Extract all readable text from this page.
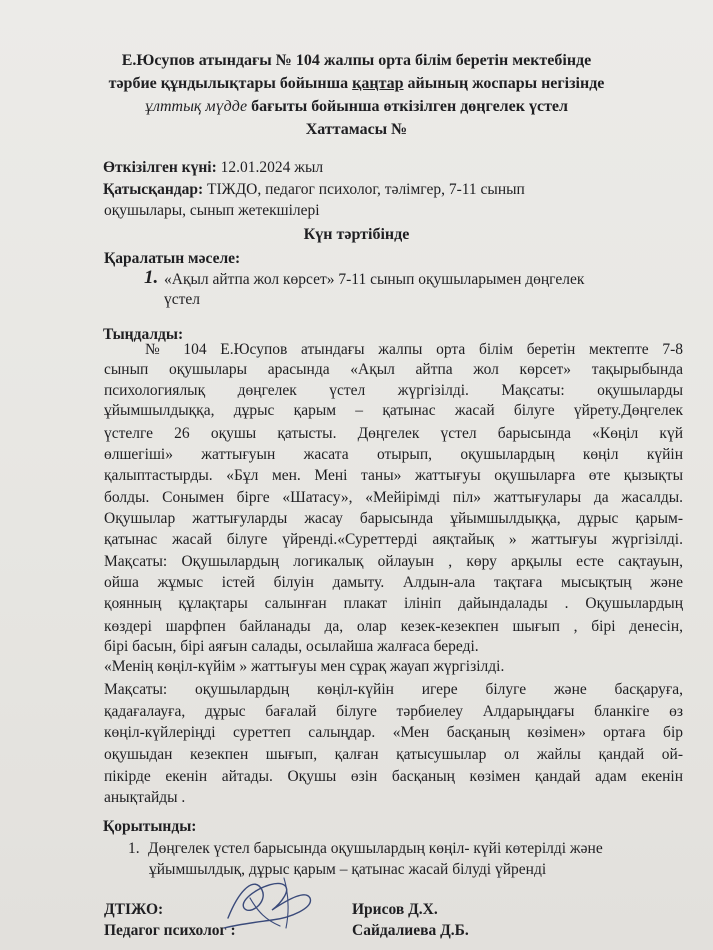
Е.Юсупов атындағы № 104 жалпы орта білім беретін мектебінде
тәрбие құндылықтары бойынша қаңтар айының жоспары негізінде
ұлттық мүдде бағыты бойынша өткізілген дөңгелек үстел
Хаттамасы №
Өткізілген күні: 12.01.2024 жыл
Қатысқандар: ТІЖДО, педагог психолог, тәлімгер, 7-11 сынып
оқушылары, сынып жетекшілері
Күн тәртібінде
Қаралатын мәселе:
1. «Ақыл айтпа жол көрсет» 7-11 сынып оқушыларымен дөңгелек
үстел
Тыңдалды:
№ 104 Е.Юсупов атындағы жалпы орта білім беретін мектепте 7-8
сынып оқушылары арасында «Ақыл айтпа жол көрсет» тақырыбында
психологиялық дөңгелек үстел жүргізілді. Мақсаты: оқушыларды
ұйымшылдыққа, дұрыс қарым – қатынас жасай білуге үйрету.Дөңгелек
үстелге 26 оқушы қатысты. Дөңгелек үстел барысында «Көңіл күй
өлшегіші» жаттығуын жасата отырып, оқушылардың көңіл күйін
қалыптастырды. «Бұл мен. Мені таны» жаттығуы оқушыларға өте қызықты
болды. Сонымен бірге «Шатасу», «Мейірімді піл» жаттығулары да жасалды.
Оқушылар жаттығуларды жасау барысында ұйымшылдыққа, дұрыс қарым-
қатынас жасай білуге үйренді.«Суреттерді аяқтайық » жаттығуы жүргізілді.
Мақсаты: Оқушылардың логикалық ойлауын , көру арқылы есте сақтауын,
ойша жұмыс істей білуін дамыту. Алдын-ала тақтаға мысықтың және
қоянның құлақтары салынған плакат ілініп дайындалады . Оқушылардың
көздері шарфпен байланады да, олар кезек-кезекпен шығып , бірі денесін,
бірі басын, бірі аяғын салады, осылайша жалғаса береді.
«Менің көңіл-күйім » жаттығуы мен сұрақ жауап жүргізілді.
Мақсаты: оқушылардың көңіл-күйін игере білуге және басқаруға,
қадағалауға, дұрыс бағалай білуге тәрбиелеу Алдарыңдағы бланкіге өз
көңіл-күйлеріңді суреттеп салыңдар. «Мен басқаның көзімен» ортаға бір
оқушыдан кезекпен шығып, қалған қатысушылар ол жайлы қандай ой-
пікірде екенін айтады. Оқушы өзін басқаның көзімен қандай адам екенін
анықтайды .
Қорытынды:
1. Дөңгелек үстел барысында оқушылардың көңіл- күйі көтерілді және
ұйымшылдық, дұрыс қарым – қатынас жасай білуді үйренді
ДТІЖО:	Ирисов Д.Х.
Педагог психолог :	Сайдалиева Д.Б.
